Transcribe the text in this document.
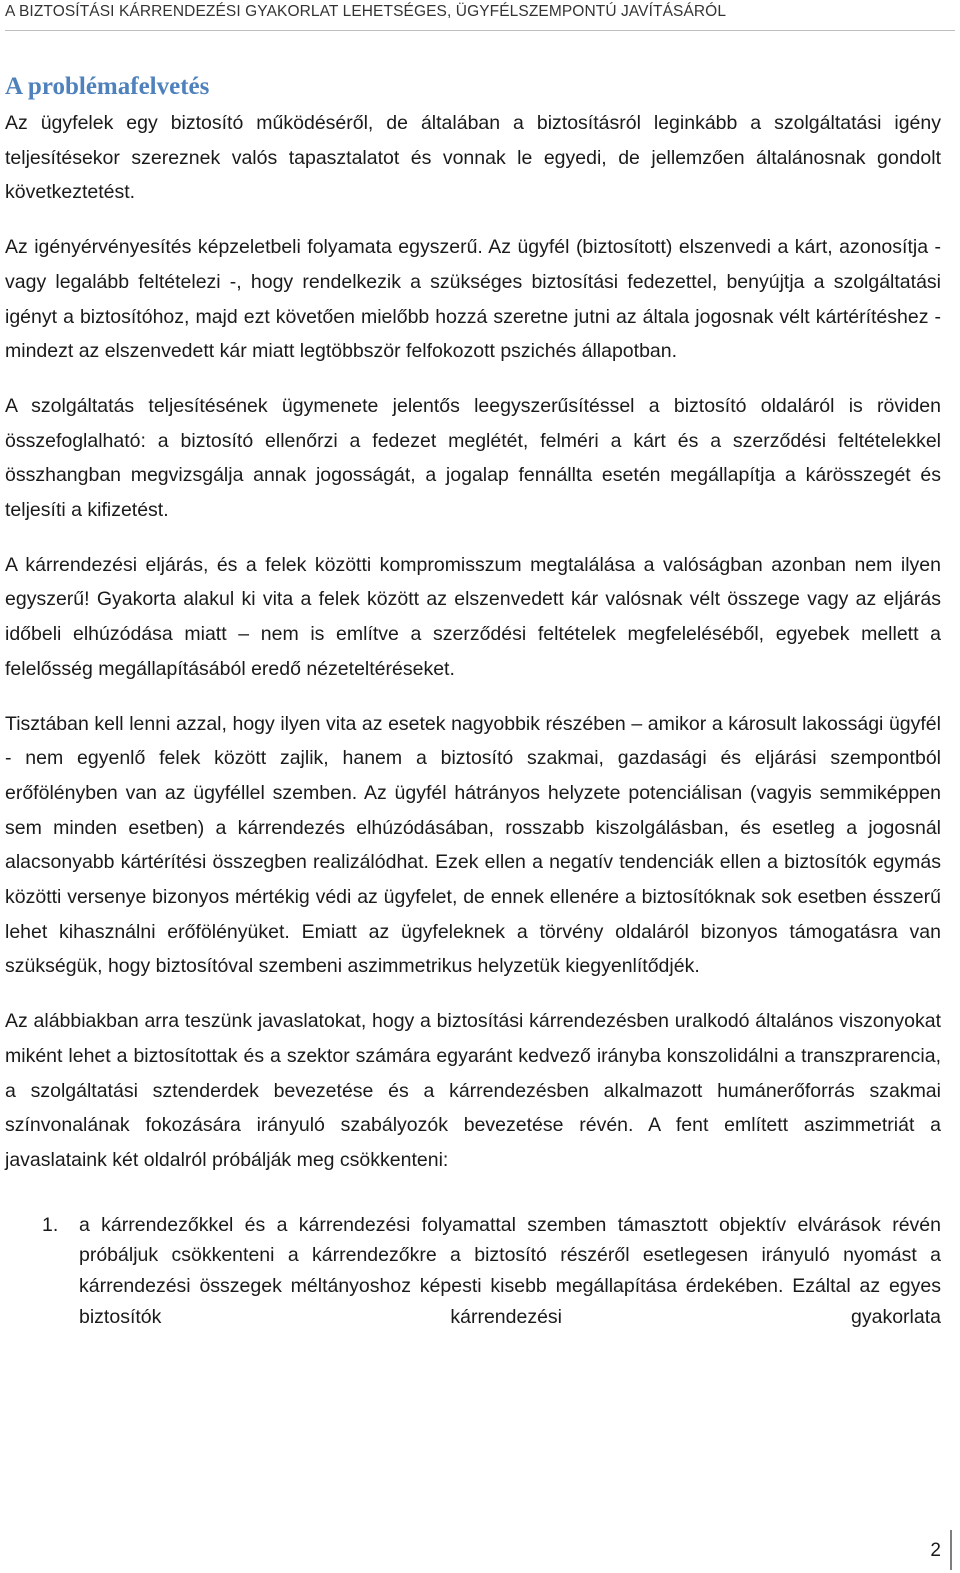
A BIZTOSÍTÁSI KÁRRENDEZÉSI GYAKORLAT LEHETSÉGES, ÜGYFÉLSZEMPONTÚ JAVÍTÁSÁRÓL
A problémafelvetés

Az ügyfelek egy biztosító működéséről, de általában a biztosításról leginkább a szolgáltatási igény teljesítésekor szereznek valós tapasztalatot és vonnak le egyedi, de jellemzően általánosnak gondolt következtetést.

Az igényérvényesítés képzeletbeli folyamata egyszerű. Az ügyfél (biztosított) elszenvedi a kárt, azonosítja - vagy legalább feltételezi -, hogy rendelkezik a szükséges biztosítási fedezettel, benyújtja a szolgáltatási igényt a biztosítóhoz, majd ezt követően mielőbb hozzá szeretne jutni az általa jogosnak vélt kártérítéshez - mindezt az elszenvedett kár miatt legtöbbször felfokozott pszichés állapotban.

A szolgáltatás teljesítésének ügymenete jelentős leegyszerűsítéssel a biztosító oldaláról is röviden összefoglalható: a biztosító ellenőrzi a fedezet meglétét, felméri a kárt és a szerződési feltételekkel összhangban megvizsgálja annak jogosságát, a jogalap fennállta esetén megállapítja a kárösszegét és teljesíti a kifizetést.

A kárrendezési eljárás, és a felek közötti kompromisszum megtalálása a valóságban azonban nem ilyen egyszerű! Gyakorta alakul ki vita a felek között az elszenvedett kár valósnak vélt összege vagy az eljárás időbeli elhúzódása miatt – nem is említve a szerződési feltételek megfeleléséből, egyebek mellett a felelősség megállapításából eredő nézeteltéréseket.

Tisztában kell lenni azzal, hogy ilyen vita az esetek nagyobbik részében – amikor a károsult lakossági ügyfél - nem egyenlő felek között zajlik, hanem a biztosító szakmai, gazdasági és eljárási szempontból erőfölényben van az ügyféllel szemben. Az ügyfél hátrányos helyzete potenciálisan (vagyis semmiképpen sem minden esetben) a kárrendezés elhúzódásában, rosszabb kiszolgálásban, és esetleg a jogosnál alacsonyabb kártérítési összegben realizálódhat. Ezek ellen a negatív tendenciák ellen a biztosítók egymás közötti versenye bizonyos mértékig védi az ügyfelet, de ennek ellenére a biztosítóknak sok esetben ésszerű lehet kihasználni erőfölényüket. Emiatt az ügyfeleknek a törvény oldaláról bizonyos támogatásra van szükségük, hogy biztosítóval szembeni aszimmetrikus helyzetük kiegyenlítődjék.

Az alábbiakban arra teszünk javaslatokat, hogy a biztosítási kárrendezésben uralkodó általános viszonyokat miként lehet a biztosítottak és a szektor számára egyaránt kedvező irányba konszolidálni a transzprarencia, a szolgáltatási sztenderdek bevezetése és a kárrendezésben alkalmazott humánerőforrás szakmai színvonalának fokozására irányuló szabályozók bevezetése révén. A fent említett aszimmetriát a javaslataink két oldalról próbálják meg csökkenteni:

1. a kárrendezőkkel és a kárrendezési folyamattal szemben támasztott objektív elvárások révén próbáljuk csökkenteni a kárrendezőkre a biztosító részéről esetlegesen irányuló nyomást a kárrendezési összegek méltányoshoz képesti kisebb megállapítása érdekében. Ezáltal az egyes biztosítók kárrendezési gyakorlata
2
